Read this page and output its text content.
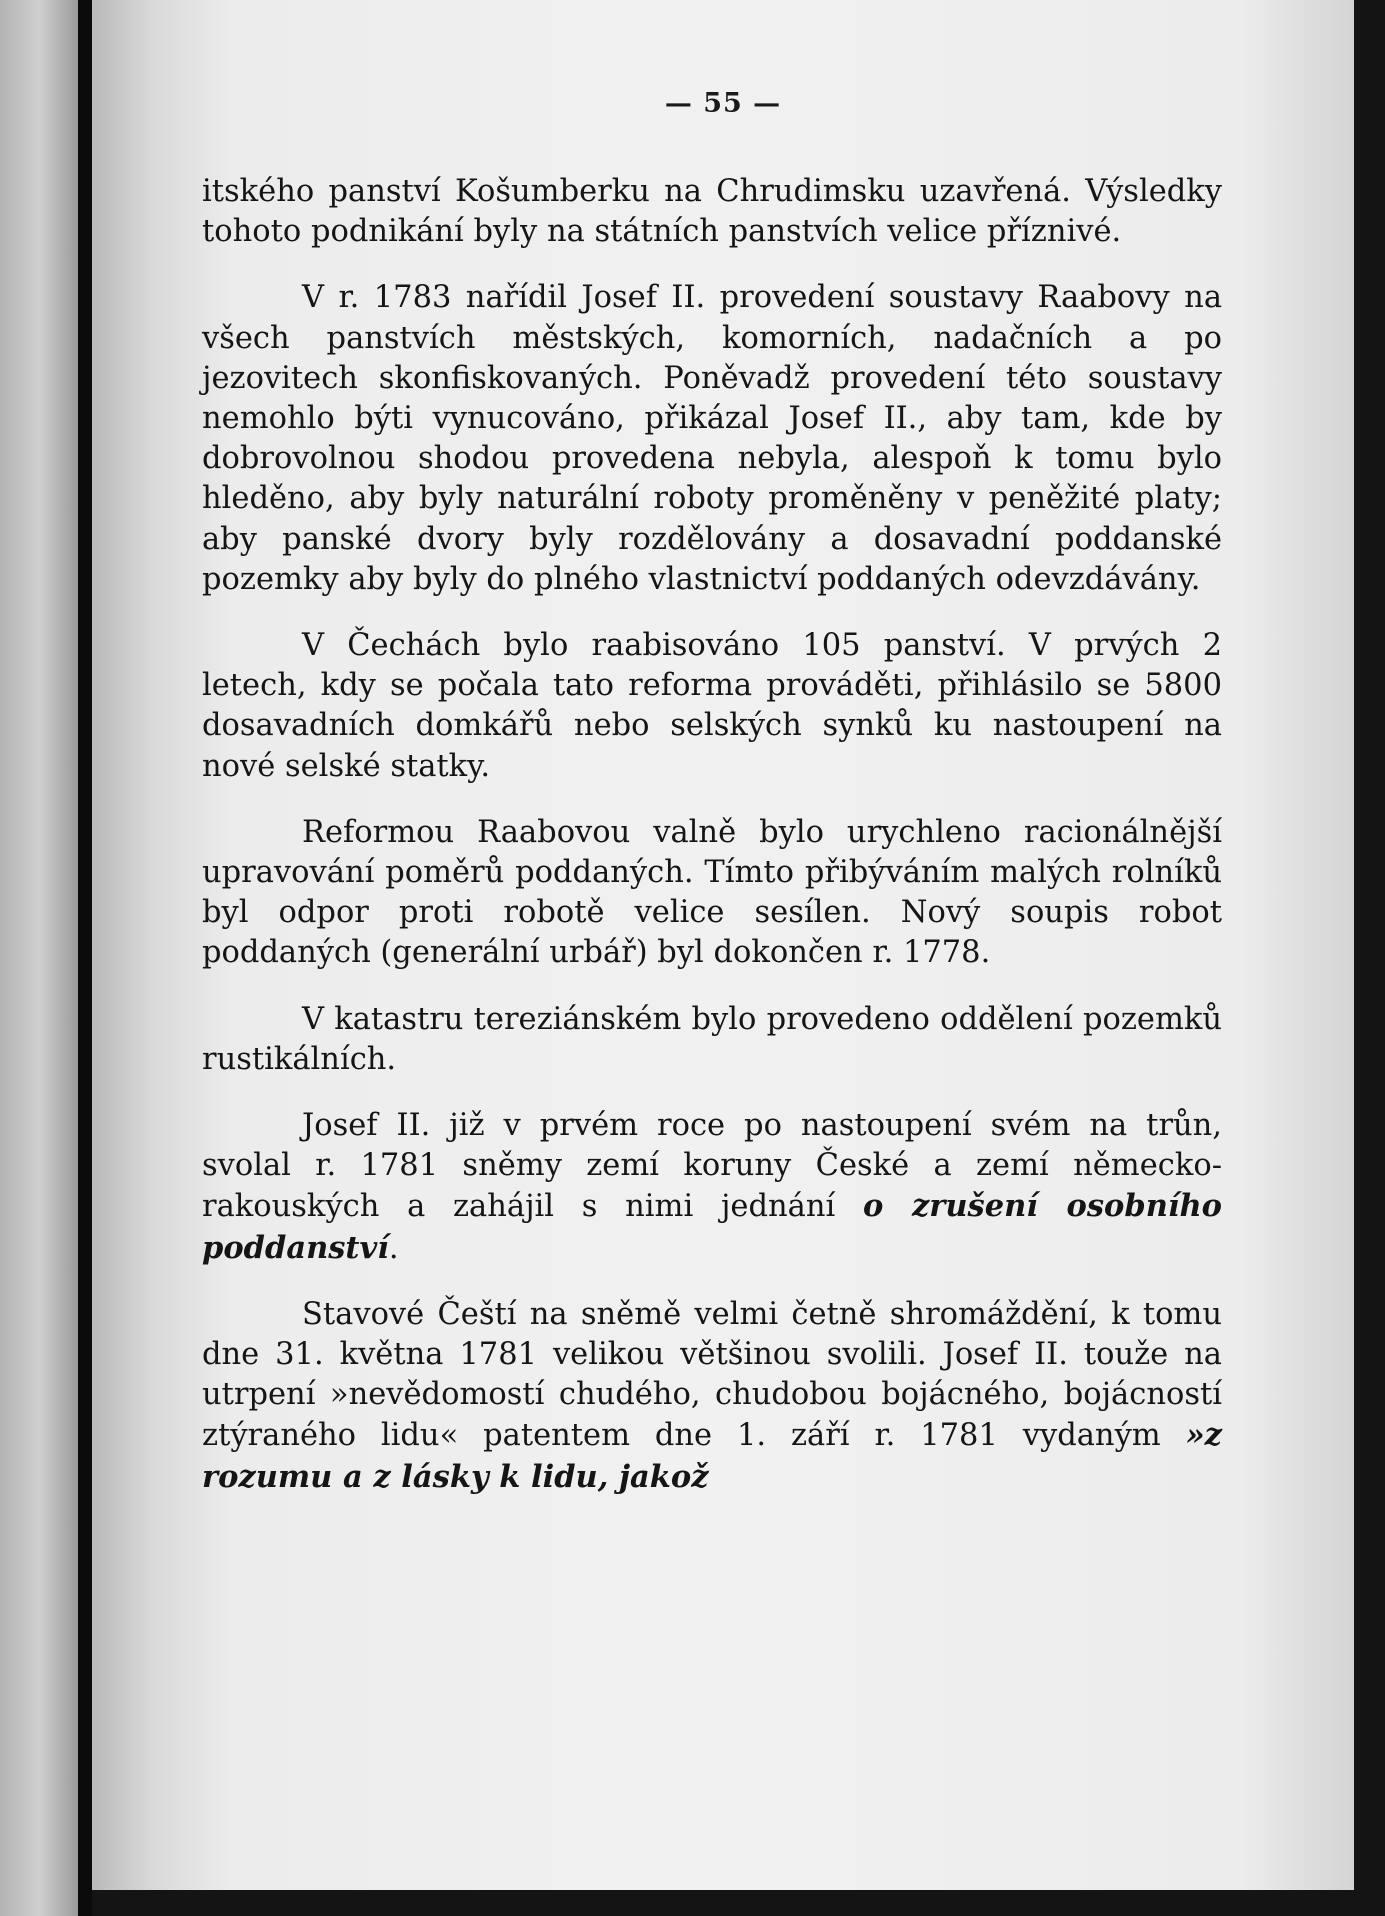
— 55 —

itského panství Košumberku na Chrudimsku uzavřená. Výsledky tohoto podnikání byly na státních panstvích velice příznivé.

V r. 1783 nařídil Josef II. provedení soustavy Raabovy na všech panstvích městských, komorních, nadačních a po jezovitech skonfiskovaných. Poněvadž provedení této soustavy nemohlo býti vynucováno, přikázal Josef II., aby tam, kde by dobrovolnou shodou provedena nebyla, alespoň k tomu bylo hleděno, aby byly naturální roboty proměněny v peněžité platy; aby panské dvory byly rozdělovány a dosavadní poddanské pozemky aby byly do plného vlastnictví poddaných odevzdávány.

V Čechách bylo raabisováno 105 panství. V prvých 2 letech, kdy se počala tato reforma prováděti, přihlásilo se 5800 dosavadních domkářů nebo selských synků ku nastoupení na nové selské statky.

Reformou Raabovou valně bylo urychleno racionálnější upravování poměrů poddaných. Tímto přibýváním malých rolníků byl odpor proti robotě velice sesílen. Nový soupis robot poddaných (generální urbář) byl dokončen r. 1778.

V katastru tereziánském bylo provedeno oddělení pozemků rustikálních.

Josef II. již v prvém roce po nastoupení svém na trůn, svolal r. 1781 sněmy zemí koruny České a zemí německo-rakouských a zahájil s nimi jednání o zrušení osobního poddanství.

Stavové Čeští na sněmě velmi četně shromáždění, k tomu dne 31. května 1781 velikou většinou svolili. Josef II. touže na utrpení »nevědomostí chudého, chudobou bojácného, bojácností ztýraného lidu« patentem dne 1. září r. 1781 vydaným »z rozumu a z lásky k lidu, jakož
